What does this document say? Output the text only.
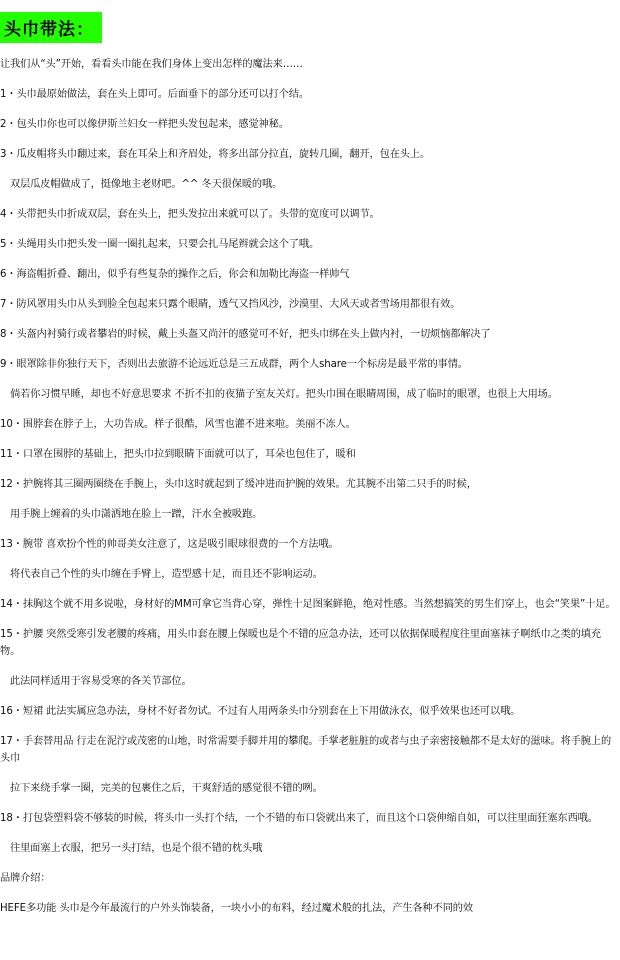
头巾带法：

让我们从“头”开始，看看头巾能在我们身体上变出怎样的魔法来……

1・头巾最原始做法，套在头上即可。后面垂下的部分还可以打个结。

2・包头巾你也可以像伊斯兰妇女一样把头发包起来，感觉神秘。

3・瓜皮帽将头巾翻过来，套在耳朵上和齐眉处，将多出部分拉直，旋转几圈，翻开，包在头上。

双层瓜皮帽做成了，挺像地主老财吧。^^ 冬天很保暖的哦。

4・头带把头巾折成双层，套在头上，把头发拉出来就可以了。头带的宽度可以调节。

5・头绳用头巾把头发一圈一圈扎起来，只要会扎马尾辫就会这个了哦。

6・海盗帽折叠、翻出，似乎有些复杂的操作之后，你会和加勒比海盗一样帅气

7・防风罩用头巾从头到脸全包起来只露个眼睛，透气又挡风沙，沙漠里、大风天或者雪场用都很有效。

8・头盔内衬骑行或者攀岩的时候，戴上头盔又尚汗的感觉可不好，把头巾绑在头上做内衬，一切烦恼都解决了

9・眼罩除非你独行天下，否则出去旅游不论远近总是三五成群，两个人share一个标房是最平常的事情。

倘若你习惯早睡，却也不好意思要求 不折不扣的夜猫子室友关灯。把头巾围在眼睛周围，成了临时的眼罩，也很上大用场。

10・围脖套在脖子上，大功告成。样子很酷，风雪也灌不进来啦。美丽不冻人。

11・口罩在围脖的基础上，把头巾拉到眼睛下面就可以了，耳朵也包住了，暖和

12・护腕将其三圈两圈绕在手腕上，头巾这时就起到了缓冲进而护腕的效果。尤其腕不出第二只手的时候，

用手腕上缠着的头巾潇洒地在脸上一蹭，汗水全被吸跑。

13・腕带 喜欢扮个性的帅哥美女注意了，这是吸引眼球很费的一个方法哦。

将代表自己个性的头巾缠在手臂上，造型感十足，而且还不影响运动。

14・抹胸这个就不用多说啦，身材好的MM可拿它当背心穿，弹性十足图案鲜艳，绝对性感。当然想搞笑的男生们穿上，也会“笑果”十足。

15・护腰 突然受寒引发老腰的疼痛，用头巾套在腰上保暖也是个不错的应急办法，还可以依据保暖程度往里面塞袜子啊纸巾之类的填充物。

此法同样适用于容易受寒的各关节部位。

16・短裙 此法实属应急办法，身材不好者勿试。不过有人用两条头巾分别套在上下用做泳衣，似乎效果也还可以哦。

17・手套替用品 行走在泥泞或茂密的山地，时常需要手脚并用的攀爬。手掌老脏脏的或者与虫子亲密接触都不是太好的滋味。将手腕上的头巾

拉下来绕手掌一圈，完美的包裹住之后，干爽舒适的感觉很不错的咧。

18・打包袋塑料袋不够装的时候，将头巾一头打个结，一个不错的布口袋就出来了，而且这个口袋伸缩自如，可以往里面狂塞东西哦。

往里面塞上衣服，把另一头打结，也是个很不错的枕头哦

品牌介绍：

HEFE多功能 头巾是今年最流行的户外头饰装备，一块小小的布料，经过魔术般的扎法，产生各种不同的效
